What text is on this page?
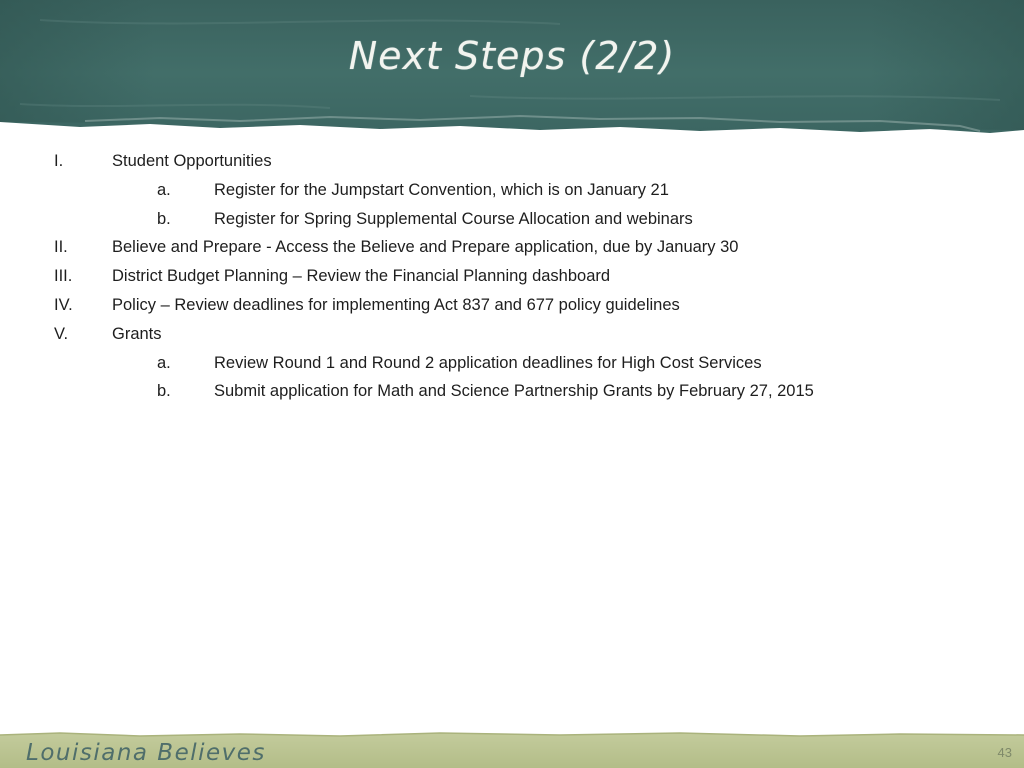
Next Steps (2/2)
I.	Student Opportunities
a.	Register for the Jumpstart Convention, which is on January 21
b.	Register for Spring Supplemental Course Allocation and webinars
II.	Believe and Prepare - Access the Believe and Prepare application, due by January 30
III. District Budget Planning – Review the Financial Planning dashboard
IV. Policy – Review deadlines for implementing Act 837 and 677 policy guidelines
V.	Grants
a.	Review Round 1 and Round 2 application deadlines for High Cost Services
b.	Submit application for Math and Science Partnership Grants by February 27, 2015
Louisiana Believes	43
